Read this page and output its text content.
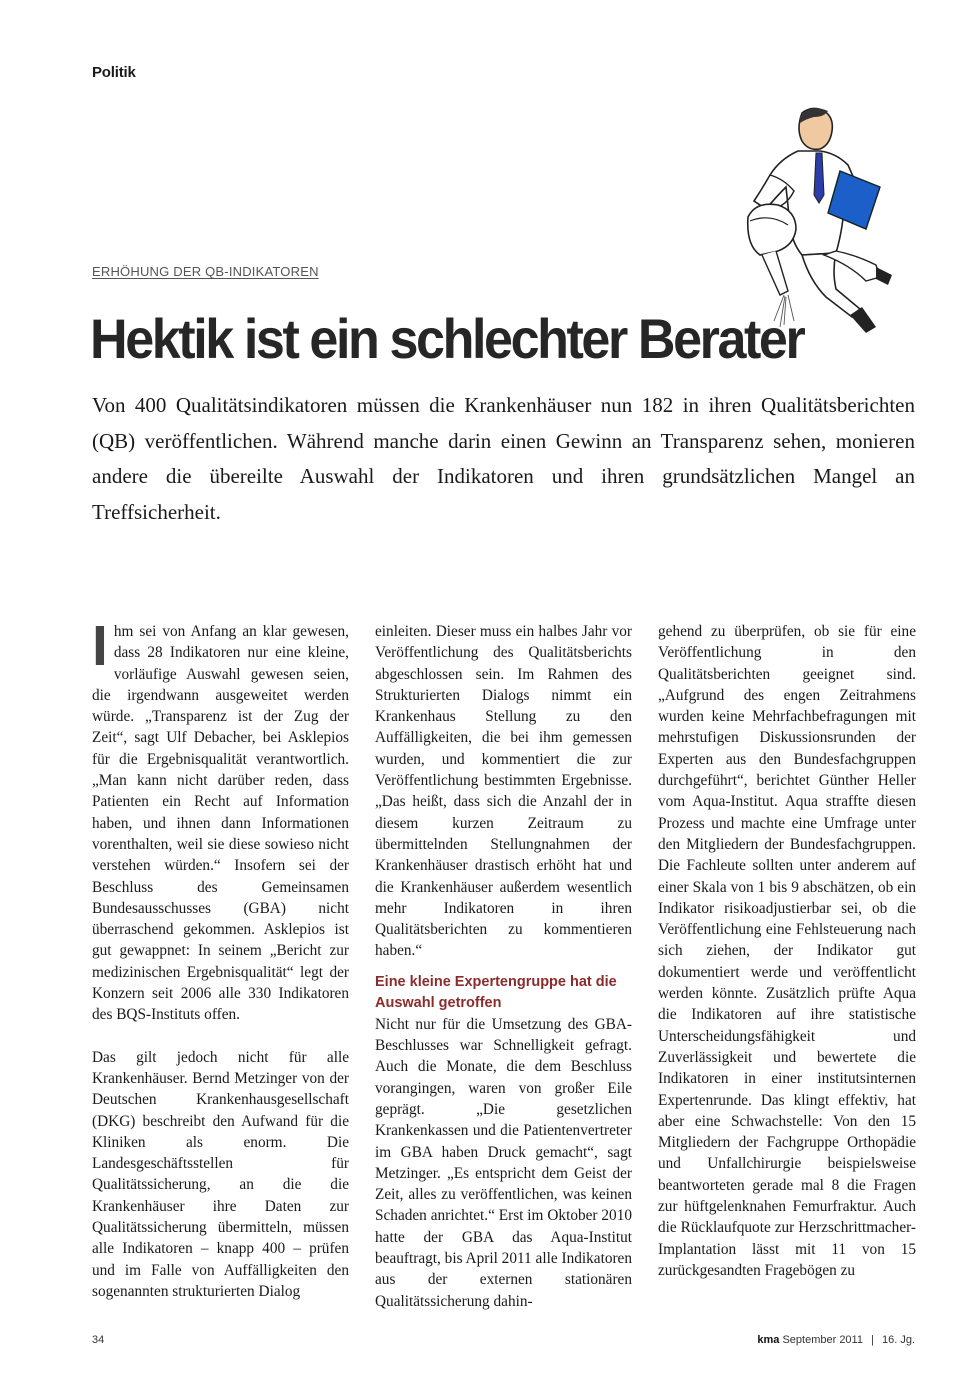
Politik
ERHÖHUNG DER QB-INDIKATOREN
Hektik ist ein schlechter Berater

Von 400 Qualitätsindikatoren müssen die Krankenhäuser nun 182 in ihren Qualitätsberichten (QB) veröffentlichen. Während manche darin einen Gewinn an Transparenz sehen, monieren andere die übereilte Auswahl der Indikatoren und ihren grundsätzlichen Mangel an Treffsicherheit.

Ihm sei von Anfang an klar gewesen, dass 28 Indikatoren nur eine kleine, vorläufige Auswahl gewesen seien, die irgendwann ausgeweitet werden würde. „Transparenz ist der Zug der Zeit“, sagt Ulf Debacher, bei Asklepios für die Ergebnisqualität verantwortlich. „Man kann nicht darüber reden, dass Patienten ein Recht auf Information haben, und ihnen dann Informationen vorenthalten, weil sie diese sowieso nicht verstehen würden.“ Insofern sei der Beschluss des Gemeinsamen Bundesausschusses (GBA) nicht überraschend gekommen. Asklepios ist gut gewappnet: In seinem „Bericht zur medizinischen Ergebnisqualität“ legt der Konzern seit 2006 alle 330 Indikatoren des BQS-Instituts offen.

Das gilt jedoch nicht für alle Krankenhäuser. Bernd Metzinger von der Deutschen Krankenhausgesellschaft (DKG) beschreibt den Aufwand für die Kliniken als enorm. Die Landesgeschäftsstellen für Qualitätssicherung, an die die Krankenhäuser ihre Daten zur Qualitätssicherung übermitteln, müssen alle Indikatoren – knapp 400 – prüfen und im Falle von Auffälligkeiten den sogenannten strukturierten Dialog

einleiten. Dieser muss ein halbes Jahr vor Veröffentlichung des Qualitätsberichts abgeschlossen sein. Im Rahmen des Strukturierten Dialogs nimmt ein Krankenhaus Stellung zu den Auffälligkeiten, die bei ihm gemessen wurden, und kommentiert die zur Veröffentlichung bestimmten Ergebnisse. „Das heißt, dass sich die Anzahl der in diesem kurzen Zeitraum zu übermittelnden Stellungnahmen der Krankenhäuser drastisch erhöht hat und die Krankenhäuser außerdem wesentlich mehr Indikatoren in ihren Qualitätsberichten zu kommentieren haben.“

Eine kleine Expertengruppe hat die Auswahl getroffen

Nicht nur für die Umsetzung des GBA-Beschlusses war Schnelligkeit gefragt. Auch die Monate, die dem Beschluss vorangingen, waren von großer Eile geprägt. „Die gesetzlichen Krankenkassen und die Patientenvertreter im GBA haben Druck gemacht“, sagt Metzinger. „Es entspricht dem Geist der Zeit, alles zu veröffentlichen, was keinen Schaden anrichtet.“ Erst im Oktober 2010 hatte der GBA das Aqua-Institut beauftragt, bis April 2011 alle Indikatoren aus der externen stationären Qualitätssicherung dahin-

gehend zu überprüfen, ob sie für eine Veröffentlichung in den Qualitätsberichten geeignet sind. „Aufgrund des engen Zeitrahmens wurden keine Mehrfachbefragungen mit mehrstufigen Diskussionsrunden der Experten aus den Bundesfachgruppen durchgeführt“, berichtet Günther Heller vom Aqua-Institut. Aqua straffte diesen Prozess und machte eine Umfrage unter den Mitgliedern der Bundesfachgruppen. Die Fachleute sollten unter anderem auf einer Skala von 1 bis 9 abschätzen, ob ein Indikator risikoadjustierbar sei, ob die Veröffentlichung eine Fehlsteuerung nach sich ziehen, der Indikator gut dokumentiert werde und veröffentlicht werden könnte. Zusätzlich prüfte Aqua die Indikatoren auf ihre statistische Unterscheidungsfähigkeit und Zuverlässigkeit und bewertete die Indikatoren in einer institutsinternen Expertenrunde. Das klingt effektiv, hat aber eine Schwachstelle: Von den 15 Mitgliedern der Fachgruppe Orthopädie und Unfallchirurgie beispielsweise beantworteten gerade mal 8 die Fragen zur hüftgelenknahen Femurfraktur. Auch die Rücklaufquote zur Herzschrittmacher-Implantation lässt mit 11 von 15 zurückgesandten Fragebögen zu

34	kma September 2011 | 16. Jg.
